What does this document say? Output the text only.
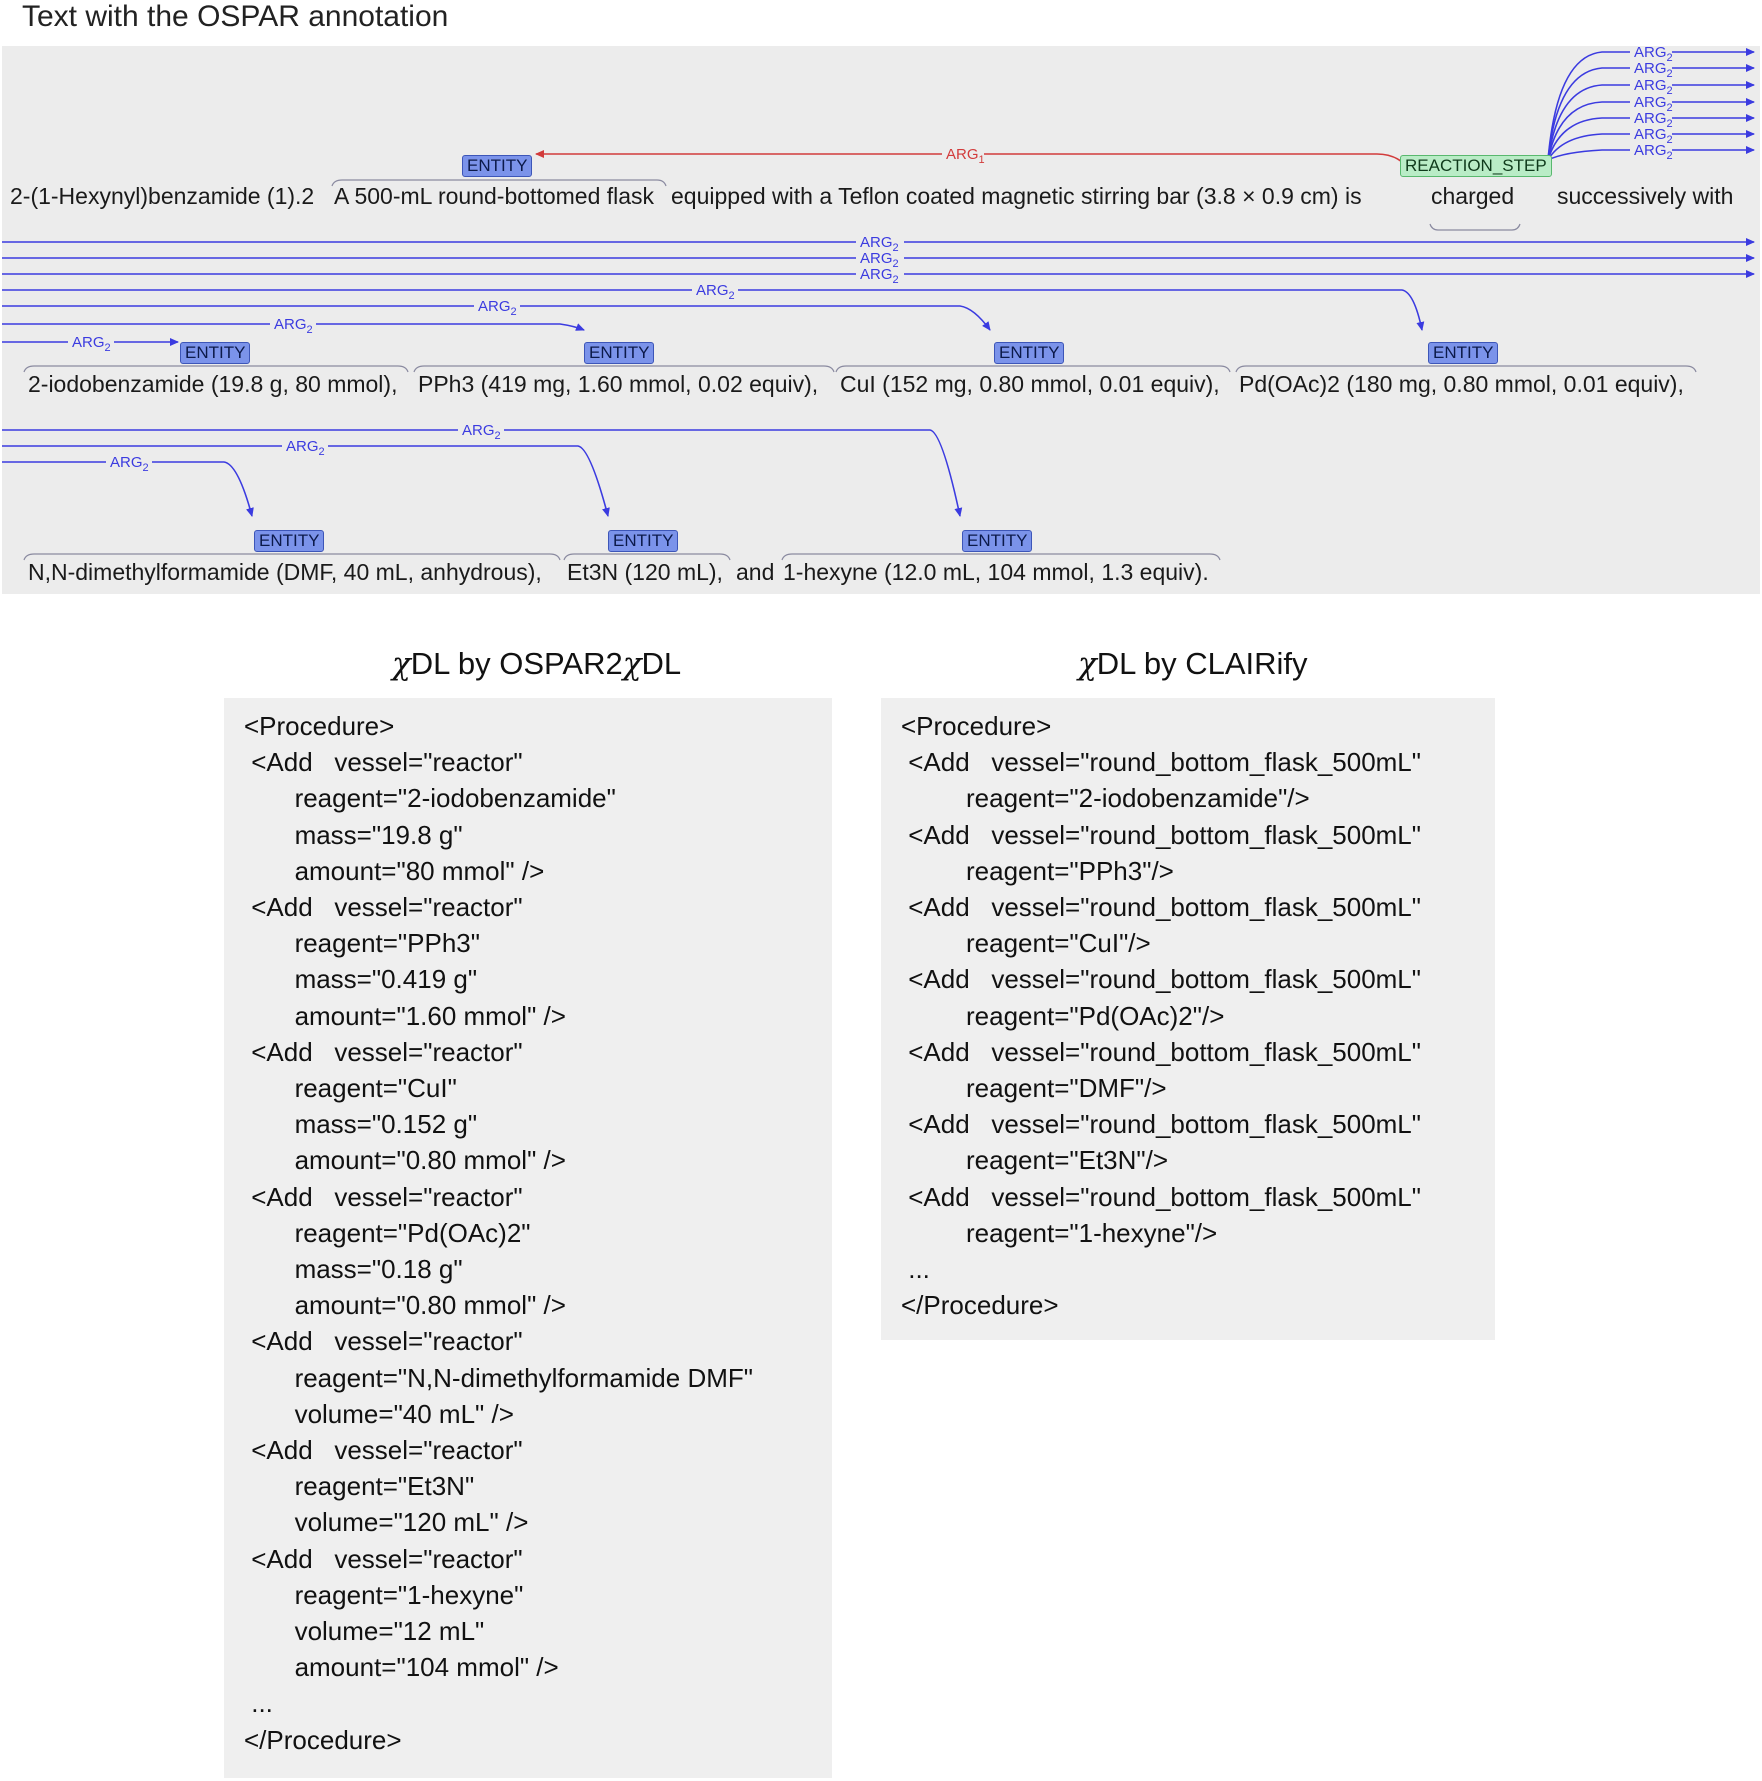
Text with the OSPAR annotation
$ARG_1$
$ARG_2$
$ARG_2$
$ARG_2$
$ARG_2$
$ARG_2$
$ARG_2$
$ARG_2$
$ARG_2$
$ARG_2$
$ARG_2$
$ARG_2$
$ARG_2$
$ARG_2$
$ARG_2$
$ARG_2$
$ARG_2$
$ARG_2$
ENTITY	REACTION_STEP
2-(1-Hexynyl)benzamide (1).2 A 500-mL round-bottomed flask equipped with a Teflon coated magnetic stirring bar (3.8 × 0.9 cm) is	charged successively with
ENTITY	ENTITY	ENTITY	ENTITY
2-iodobenzamide (19.8 g, 80 mmol), PPh3 (419 mg, 1.60 mmol, 0.02 equiv), CuI (152 mg, 0.80 mmol, 0.01 equiv), Pd(OAc)2 (180 mg, 0.80 mmol, 0.01 equiv),
ENTITY	ENTITY	ENTITY
N,N-dimethylformamide (DMF, 40 mL, anhydrous), Et3N (120 mL), and 1-hexyne (12.0 mL, 104 mmol, 1.3 equiv).
χDL by OSPAR2χDL	χDL by CLAIRify
<Procedure>
<Add   vessel="reactor"
reagent="2-iodobenzamide"
mass="19.8 g"
amount="80 mmol" />
<Add   vessel="reactor"
reagent="PPh3"
mass="0.419 g"
amount="1.60 mmol" />
<Add   vessel="reactor"
reagent="CuI"
mass="0.152 g"
amount="0.80 mmol" />
<Add   vessel="reactor"
reagent="Pd(OAc)2"
mass="0.18 g"
amount="0.80 mmol" />
<Add   vessel="reactor"
reagent="N,N-dimethylformamide DMF"
volume="40 mL" />
<Add   vessel="reactor"
reagent="Et3N"
volume="120 mL" />
<Add   vessel="reactor"
reagent="1-hexyne"
volume="12 mL"
amount="104 mmol" />
...
</Procedure>
<Procedure>
<Add   vessel="round_bottom_flask_500mL"
reagent="2-iodobenzamide"/>
<Add   vessel="round_bottom_flask_500mL"
reagent="PPh3"/>
<Add   vessel="round_bottom_flask_500mL"
reagent="CuI"/>
<Add   vessel="round_bottom_flask_500mL"
reagent="Pd(OAc)2"/>
<Add   vessel="round_bottom_flask_500mL"
reagent="DMF"/>
<Add   vessel="round_bottom_flask_500mL"
reagent="Et3N"/>
<Add   vessel="round_bottom_flask_500mL"
reagent="1-hexyne"/>
...
</Procedure>
